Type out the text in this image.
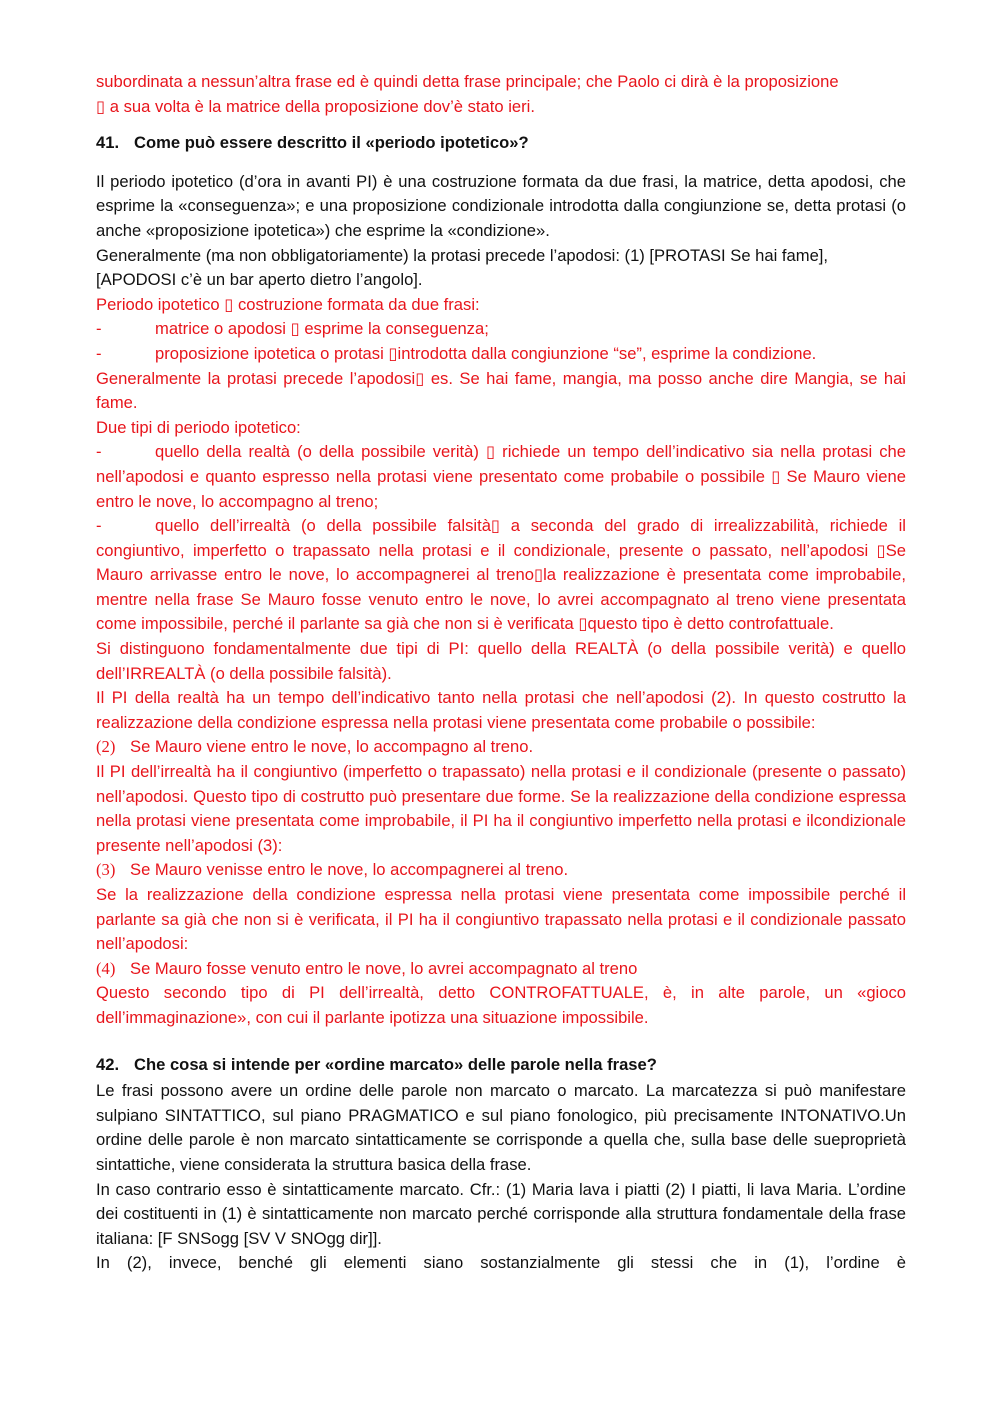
subordinata a nessun’altra frase ed è quindi detta frase principale; che Paolo ci dirà è la proposizione
▯ a sua volta è la matrice della proposizione dov’è stato ieri.
41. Come può essere descritto il «periodo ipotetico»?

Il periodo ipotetico (d’ora in avanti PI) è una costruzione formata da due frasi, la matrice, detta apodosi, che esprime la «conseguenza»; e una proposizione condizionale introdotta dalla congiunzione se, detta protasi (o anche «proposizione ipotetica») che esprime la «condizione».

Generalmente (ma non obbligatoriamente) la protasi precede l’apodosi: (1) [PROTASI Se hai fame], [APODOSI c’è un bar aperto dietro l’angolo].

Periodo ipotetico ▯ costruzione formata da due frasi:

-	matrice o apodosi ▯ esprime la conseguenza;
-	proposizione ipotetica o protasi ▯introdotta dalla congiunzione “se”, esprime la condizione.

Generalmente la protasi precede l’apodosi▯ es. Se hai fame, mangia, ma posso anche dire Mangia, se hai fame.

Due tipi di periodo ipotetico:

-	quello della realtà (o della possibile verità) ▯ richiede un tempo dell’indicativo sia nella protasi che nell’apodosi e quanto espresso nella protasi viene presentato come probabile o possibile ▯ Se Mauro viene entro le nove, lo accompagno al treno;

-	quello dell’irrealtà (o della possibile falsità▯ a seconda del grado di irrealizzabilità, richiede il congiuntivo, imperfetto o trapassato nella protasi e il condizionale, presente o passato, nell’apodosi ▯Se Mauro arrivasse entro le nove, lo accompagnerei al treno▯la realizzazione è presentata come improbabile, mentre nella frase Se Mauro fosse venuto entro le nove, lo avrei accompagnato al treno viene presentata come impossibile, perché il parlante sa già che non si è verificata ▯questo tipo è detto controfattuale.

Si distinguono fondamentalmente due tipi di PI: quello della REALTÀ (o della possibile verità) e quello dell’IRREALTÀ (o della possibile falsità).

Il PI della realtà ha un tempo dell’indicativo tanto nella protasi che nell’apodosi (2). In questo costrutto la realizzazione della condizione espressa nella protasi viene presentata come probabile o possibile:

(2) Se Mauro viene entro le nove, lo accompagno al treno.

Il PI dell’irrealtà ha il congiuntivo (imperfetto o trapassato) nella protasi e il condizionale (presente o passato) nell’apodosi. Questo tipo di costrutto può presentare due forme. Se la realizzazione della condizione espressa nella protasi viene presentata come improbabile, il PI ha il congiuntivo imperfetto nella protasi e ilcondizionale presente nell’apodosi (3):

(3) Se Mauro venisse entro le nove, lo accompagnerei al treno.

Se la realizzazione della condizione espressa nella protasi viene presentata come impossibile perché il parlante sa già che non si è verificata, il PI ha il congiuntivo trapassato nella protasi e il condizionale passato nell’apodosi:

(4) Se Mauro fosse venuto entro le nove, lo avrei accompagnato al treno

Questo secondo tipo di PI dell’irrealtà, detto CONTROFATTUALE, è, in alte parole, un «gioco dell’immaginazione», con cui il parlante ipotizza una situazione impossibile.

42. Che cosa si intende per «ordine marcato» delle parole nella frase?

Le frasi possono avere un ordine delle parole non marcato o marcato. La marcatezza si può manifestare sulpiano SINTATTICO, sul piano PRAGMATICO e sul piano fonologico, più precisamente INTONATIVO.Un ordine delle parole è non marcato sintatticamente se corrisponde a quella che, sulla base delle sueproprietà sintattiche, viene considerata la struttura basica della frase.

In caso contrario esso è sintatticamente marcato. Cfr.: (1) Maria lava i piatti (2) I piatti, li lava Maria. L’ordine dei costituenti in (1) è sintatticamente non marcato perché corrisponde alla struttura fondamentale della frase italiana: [F SNSogg [SV V SNOgg dir]].

In (2), invece, benché gli elementi siano sostanzialmente gli stessi che in (1), l’ordine è
